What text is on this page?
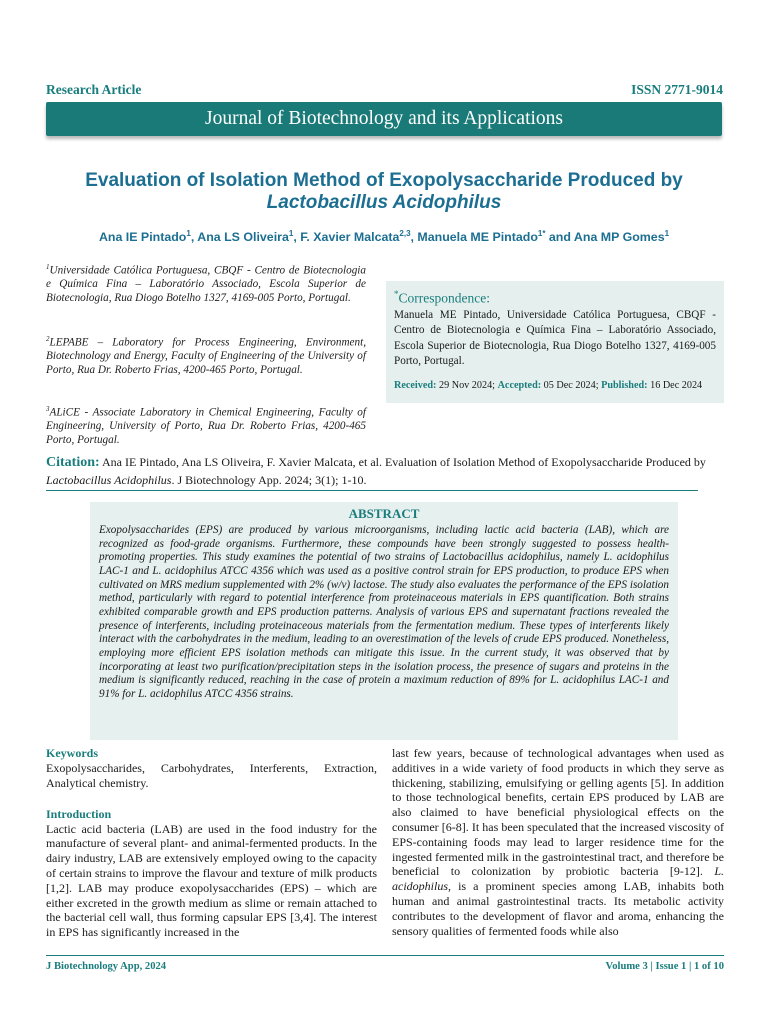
Research Article	ISSN 2771-9014
Journal of Biotechnology and its Applications
Evaluation of Isolation Method of Exopolysaccharide Produced by
Lactobacillus Acidophilus
Ana IE Pintado$^1$, Ana LS Oliveira$^1$, F. Xavier Malcata$^{2,3}$, Manuela ME Pintado$^{1*}$ and Ana MP Gomes$^1$
$^1$Universidade Católica Portuguesa, CBQF - Centro de Biotecnologia e Química Fina – Laboratório Associado, Escola Superior de Biotecnologia, Rua Diogo Botelho 1327, 4169-005 Porto, Portugal.
$^2$LEPABE – Laboratory for Process Engineering, Environment, Biotechnology and Energy, Faculty of Engineering of the University of Porto, Rua Dr. Roberto Frias, 4200-465 Porto, Portugal.
$^3$ALiCE - Associate Laboratory in Chemical Engineering, Faculty of Engineering, University of Porto, Rua Dr. Roberto Frias, 4200-465 Porto, Portugal.
*Correspondence:
Manuela ME Pintado, Universidade Católica Portuguesa, CBQF - Centro de Biotecnologia e Química Fina – Laboratório Associado, Escola Superior de Biotecnologia, Rua Diogo Botelho 1327, 4169-005 Porto, Portugal.
Received: 29 Nov 2024; Accepted: 05 Dec 2024; Published: 16 Dec 2024
Citation: Ana IE Pintado, Ana LS Oliveira, F. Xavier Malcata, et al. Evaluation of Isolation Method of Exopolysaccharide Produced by Lactobacillus Acidophilus. J Biotechnology App. 2024; 3(1); 1-10.
ABSTRACT
Exopolysaccharides (EPS) are produced by various microorganisms, including lactic acid bacteria (LAB), which are recognized as food-grade organisms. Furthermore, these compounds have been strongly suggested to possess health-promoting properties. This study examines the potential of two strains of Lactobacillus acidophilus, namely L. acidophilus LAC-1 and L. acidophilus ATCC 4356 which was used as a positive control strain for EPS production, to produce EPS when cultivated on MRS medium supplemented with 2% (w/v) lactose. The study also evaluates the performance of the EPS isolation method, particularly with regard to potential interference from proteinaceous materials in EPS quantification. Both strains exhibited comparable growth and EPS production patterns. Analysis of various EPS and supernatant fractions revealed the presence of interferents, including proteinaceous materials from the fermentation medium. These types of interferents likely interact with the carbohydrates in the medium, leading to an overestimation of the levels of crude EPS produced. Nonetheless, employing more efficient EPS isolation methods can mitigate this issue. In the current study, it was observed that by incorporating at least two purification/precipitation steps in the isolation process, the presence of sugars and proteins in the medium is significantly reduced, reaching in the case of protein a maximum reduction of 89% for L. acidophilus LAC-1 and 91% for L. acidophilus ATCC 4356 strains.
Keywords
Exopolysaccharides, Carbohydrates, Interferents, Extraction, Analytical chemistry.
Introduction
Lactic acid bacteria (LAB) are used in the food industry for the manufacture of several plant- and animal-fermented products. In the dairy industry, LAB are extensively employed owing to the capacity of certain strains to improve the flavour and texture of milk products [1,2]. LAB may produce exopolysaccharides (EPS) – which are either excreted in the growth medium as slime or remain attached to the bacterial cell wall, thus forming capsular EPS [3,4]. The interest in EPS has significantly increased in the
last few years, because of technological advantages when used as additives in a wide variety of food products in which they serve as thickening, stabilizing, emulsifying or gelling agents [5]. In addition to those technological benefits, certain EPS produced by LAB are also claimed to have beneficial physiological effects on the consumer [6-8]. It has been speculated that the increased viscosity of EPS-containing foods may lead to larger residence time for the ingested fermented milk in the gastrointestinal tract, and therefore be beneficial to colonization by probiotic bacteria [9-12]. L. acidophilus, is a prominent species among LAB, inhabits both human and animal gastrointestinal tracts. Its metabolic activity contributes to the development of flavor and aroma, enhancing the sensory qualities of fermented foods while also
J Biotechnology App, 2024	Volume 3 | Issue 1 | 1 of 10
